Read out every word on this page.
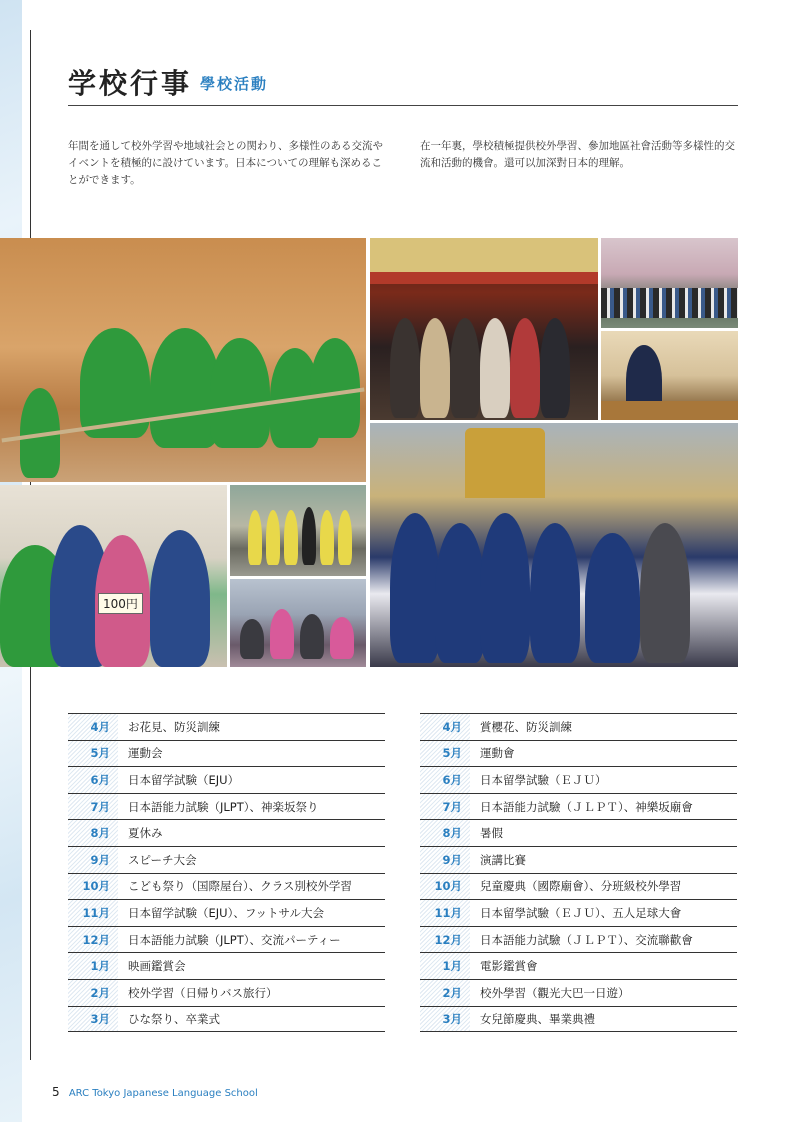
学校行事 學校活動

年間を通して校外学習や地域社会との関わり、多様性のある交流やイベントを積極的に設けています。日本についての理解も深めることができます。

在一年裏，學校積極提供校外學習、參加地區社會活動等多樣性的交流和活動的機會。還可以加深對日本的理解。

100円
4月	お花見、防災訓練
5月	運動会
6月	日本留学試験（EJU）
7月	日本語能力試験（JLPT）、神楽坂祭り
8月	夏休み
9月	スピーチ大会
10月	こども祭り（国際屋台）、クラス別校外学習
11月	日本留学試験（EJU）、フットサル大会
12月	日本語能力試験（JLPT）、交流パーティー
1月	映画鑑賞会
2月	校外学習（日帰りバス旅行）
3月	ひな祭り、卒業式
4月	賞櫻花、防災訓練
5月	運動會
6月	日本留學試驗（ＥＪＵ）
7月	日本語能力試驗（ＪＬＰＴ）、神樂坂廟會
8月	暑假
9月	演講比賽
10月	兒童慶典（國際廟會）、分班級校外學習
11月	日本留學試驗（ＥＪＵ）、五人足球大會
12月	日本語能力試驗（ＪＬＰＴ）、交流聯歡會
1月	電影鑑賞會
2月	校外學習（觀光大巴一日遊）
3月	女兒節慶典、畢業典禮
5 ARC Tokyo Japanese Language School
